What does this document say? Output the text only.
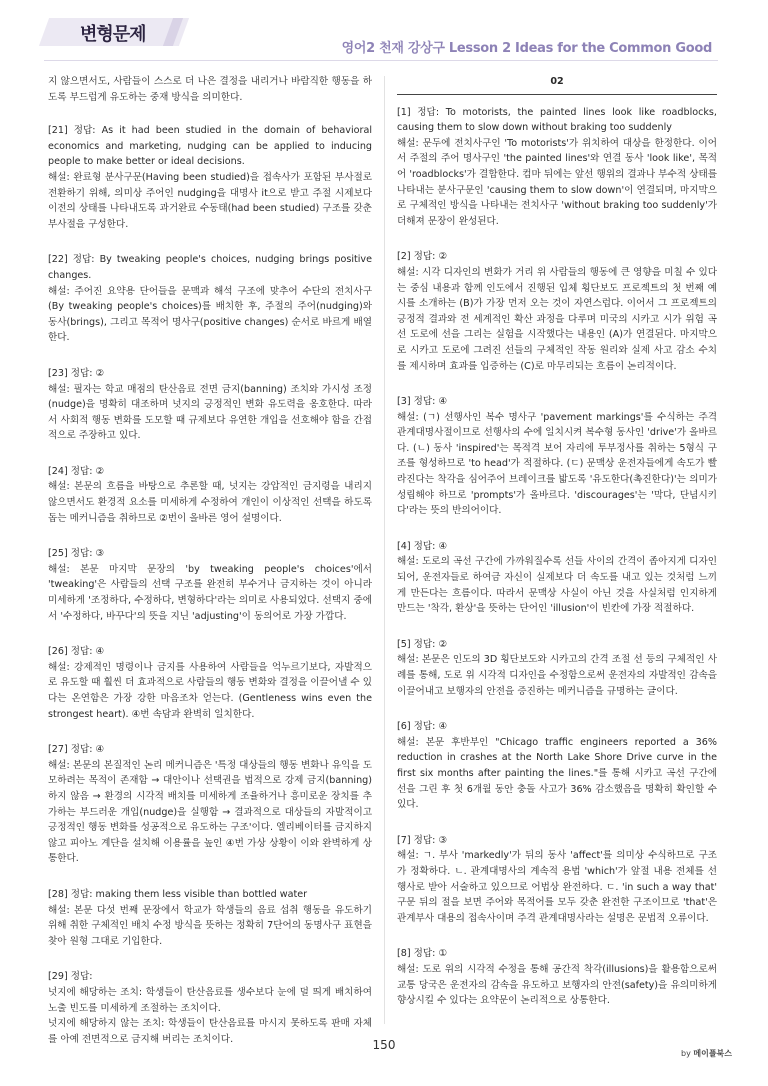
변형문제
영어2 천재 강상구 Lesson 2 Ideas for the Common Good

지 않으면서도, 사람들이 스스로 더 나은 결정을 내리거나 바람직한 행동을 하도록 부드럽게 유도하는 중재 방식을 의미한다.

[21] 정답: As it had been studied in the domain of behavioral economics and marketing, nudging can be applied to inducing people to make better or ideal decisions.

해설: 완료형 분사구문(Having been studied)을 접속사가 포함된 부사절로 전환하기 위해, 의미상 주어인 nudging을 대명사 it으로 받고 주절 시제보다 이전의 상태를 나타내도록 과거완료 수동태(had been studied) 구조를 갖춘 부사절을 구성한다.

[22] 정답: By tweaking people's choices, nudging brings positive changes.

해설: 주어진 요약용 단어들을 문맥과 해석 구조에 맞추어 수단의 전치사구(By tweaking people's choices)를 배치한 후, 주절의 주어(nudging)와 동사(brings), 그리고 목적어 명사구(positive changes) 순서로 바르게 배열한다.

[23] 정답: ②

해설: 필자는 학교 매점의 탄산음료 전면 금지(banning) 조치와 가시성 조정(nudge)을 명확히 대조하며 넛지의 긍정적인 변화 유도력을 옹호한다. 따라서 사회적 행동 변화를 도모할 때 규제보다 유연한 개입을 선호해야 함을 간접적으로 주장하고 있다.

[24] 정답: ②

해설: 본문의 흐름을 바탕으로 추론할 때, 넛지는 강압적인 금지령을 내리지 않으면서도 환경적 요소를 미세하게 수정하여 개인이 이상적인 선택을 하도록 돕는 메커니즘을 취하므로 ②번이 올바른 영어 설명이다.

[25] 정답: ③

해설: 본문 마지막 문장의 'by tweaking people's choices'에서 'tweaking'은 사람들의 선택 구조를 완전히 부수거나 금지하는 것이 아니라 미세하게 '조정하다, 수정하다, 변형하다'라는 의미로 사용되었다. 선택지 중에서 '수정하다, 바꾸다'의 뜻을 지닌 'adjusting'이 동의어로 가장 가깝다.

[26] 정답: ④

해설: 강제적인 명령이나 금지를 사용하여 사람들을 억누르기보다, 자발적으로 유도할 때 훨씬 더 효과적으로 사람들의 행동 변화와 결정을 이끌어낼 수 있다는 온연함은 가장 강한 마음조차 얻는다. (Gentleness wins even the strongest heart). ④번 속담과 완벽히 일치한다.

[27] 정답: ④

해설: 본문의 본질적인 논리 메커니즘은 '특정 대상들의 행동 변화나 유익을 도모하려는 목적이 존재함 → 대안이나 선택권을 법적으로 강제 금지(banning)하지 않음 → 환경의 시각적 배치를 미세하게 조율하거나 흥미로운 장치를 추가하는 부드러운 개입(nudge)을 실행함 → 결과적으로 대상들의 자발적이고 긍정적인 행동 변화를 성공적으로 유도하는 구조'이다. 엘리베이터를 금지하지 않고 피아노 계단을 설치해 이용률을 높인 ④번 가상 상황이 이와 완벽하게 상통한다.

[28] 정답: making them less visible than bottled water

해설: 본문 다섯 번째 문장에서 학교가 학생들의 음료 섭취 행동을 유도하기 위해 취한 구체적인 배치 수정 방식을 뜻하는 정확히 7단어의 동명사구 표현을 찾아 원형 그대로 기입한다.

[29] 정답:

넛지에 해당하는 조치: 학생들이 탄산음료를 생수보다 눈에 덜 띄게 배치하여 노출 빈도를 미세하게 조절하는 조치이다.
넛지에 해당하지 않는 조치: 학생들이 탄산음료를 마시지 못하도록 판매 자체를 아예 전면적으로 금지해 버리는 조치이다.

02

[1] 정답: To motorists, the painted lines look like roadblocks, causing them to slow down without braking too suddenly

해설: 문두에 전치사구인 'To motorists'가 위치하여 대상을 한정한다. 이어서 주절의 주어 명사구인 'the painted lines'와 연결 동사 'look like', 목적어 'roadblocks'가 결합한다. 컴마 뒤에는 앞선 행위의 결과나 부수적 상태를 나타내는 분사구문인 'causing them to slow down'이 연결되며, 마지막으로 구체적인 방식을 나타내는 전치사구 'without braking too suddenly'가 더해져 문장이 완성된다.

[2] 정답: ②

해설: 시각 디자인의 변화가 거리 위 사람들의 행동에 큰 영향을 미칠 수 있다는 중심 내용과 함께 인도에서 진행된 입체 횡단보도 프로젝트의 첫 번째 예시를 소개하는 (B)가 가장 먼저 오는 것이 자연스럽다. 이어서 그 프로젝트의 긍정적 결과와 전 세계적인 확산 과정을 다루며 미국의 시카고 시가 위험 곡선 도로에 선을 그리는 실험을 시작했다는 내용인 (A)가 연결된다. 마지막으로 시카고 도로에 그려진 선들의 구체적인 작동 원리와 실제 사고 감소 수치를 제시하며 효과를 입증하는 (C)로 마무리되는 흐름이 논리적이다.

[3] 정답: ④

해설: (ㄱ) 선행사인 복수 명사구 'pavement markings'를 수식하는 주격 관계대명사절이므로 선행사의 수에 일치시켜 복수형 동사인 'drive'가 올바르다. (ㄴ) 동사 'inspired'는 목적격 보어 자리에 투부정사를 취하는 5형식 구조를 형성하므로 'to head'가 적절하다. (ㄷ) 문맥상 운전자들에게 속도가 빨라진다는 착각을 심어주어 브레이크를 밟도록 '유도한다(촉진한다)'는 의미가 성립해야 하므로 'prompts'가 올바르다. 'discourages'는 '막다, 단념시키다'라는 뜻의 반의어이다.

[4] 정답: ④

해설: 도로의 곡선 구간에 가까워질수록 선들 사이의 간격이 좁아지게 디자인되어, 운전자들로 하여금 자신이 실제보다 더 속도를 내고 있는 것처럼 느끼게 만든다는 흐름이다. 따라서 문맥상 사실이 아닌 것을 사실처럼 인지하게 만드는 '착각, 환상'을 뜻하는 단어인 'illusion'이 빈칸에 가장 적절하다.

[5] 정답: ②

해설: 본문은 인도의 3D 횡단보도와 시카고의 간격 조절 선 등의 구체적인 사례를 통해, 도로 위 시각적 디자인을 수정함으로써 운전자의 자발적인 감속을 이끌어내고 보행자의 안전을 증진하는 메커니즘을 규명하는 글이다.

[6] 정답: ④

해설: 본문 후반부인 "Chicago traffic engineers reported a 36% reduction in crashes at the North Lake Shore Drive curve in the first six months after painting the lines."를 통해 시카고 곡선 구간에 선을 그린 후 첫 6개월 동안 충돌 사고가 36% 감소했음을 명확히 확인할 수 있다.

[7] 정답: ③

해설: ㄱ. 부사 'markedly'가 뒤의 동사 'affect'를 의미상 수식하므로 구조가 정확하다. ㄴ. 관계대명사의 계속적 용법 'which'가 앞절 내용 전체를 선행사로 받아 서술하고 있으므로 어법상 완전하다. ㄷ. 'in such a way that' 구문 뒤의 절을 보면 주어와 목적어를 모두 갖춘 완전한 구조이므로 'that'은 관계부사 대용의 접속사이며 주격 관계대명사라는 설명은 문법적 오류이다.

[8] 정답: ①

해설: 도로 위의 시각적 수정을 통해 공간적 착각(illusions)을 활용함으로써 교통 당국은 운전자의 감속을 유도하고 보행자의 안전(safety)을 유의미하게 향상시킬 수 있다는 요약문이 논리적으로 상통한다.

150
by 메이플북스
